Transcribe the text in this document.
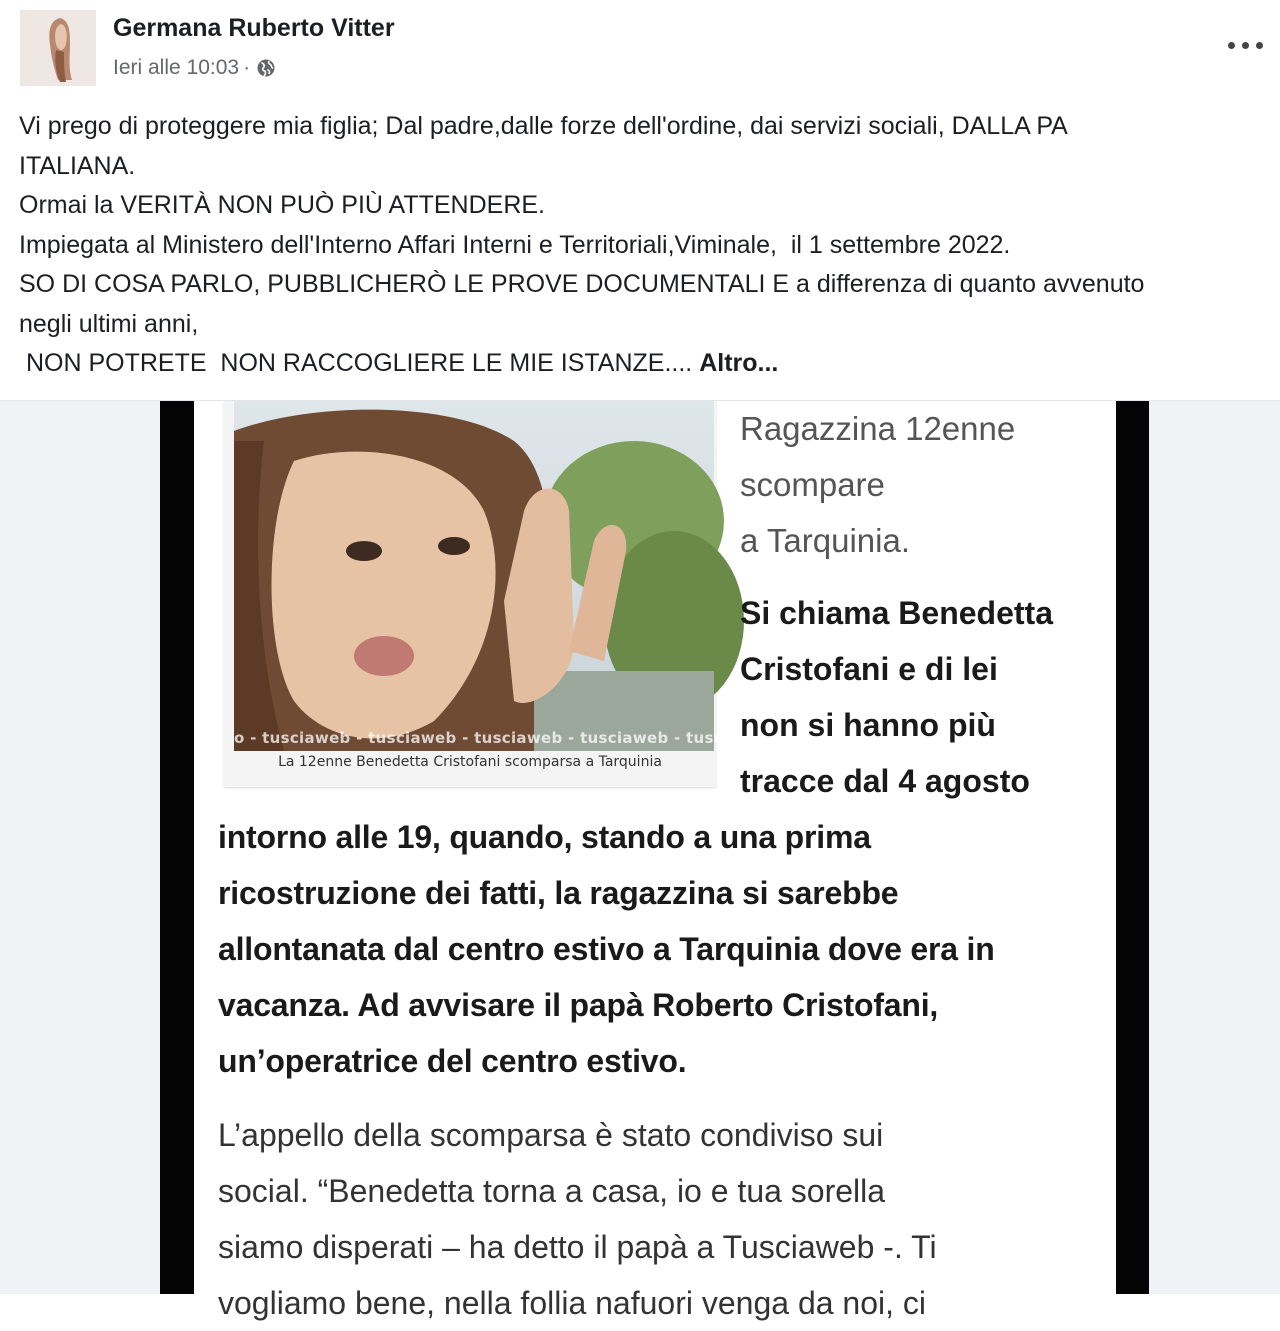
Germana Ruberto Vitter
Ieri alle 10:03 ·
Vi prego di proteggere mia figlia; Dal padre,dalle forze dell'ordine, dai servizi sociali, DALLA PA
ITALIANA.
Ormai la VERITÀ NON PUÒ PIÙ ATTENDERE.
Impiegata al Ministero dell'Interno Affari Interni e Territoriali,Viminale,  il 1 settembre 2022.
SO DI COSA PARLO, PUBBLICHERÒ LE PROVE DOCUMENTALI E a differenza di quanto avvenuto
negli ultimi anni,
NON POTRETE  NON RACCOGLIERE LE MIE ISTANZE.... Altro...
o - tusciaweb - tusciaweb - tusciaweb - tusciaweb - tusc
La 12enne Benedetta Cristofani scomparsa a Tarquinia
Ragazzina 12enne
scompare
a Tarquinia.
Si chiama Benedetta
Cristofani e di lei
non si hanno più
tracce dal 4 agosto
intorno alle 19, quando, stando a una prima
ricostruzione dei fatti, la ragazzina si sarebbe
allontanata dal centro estivo a Tarquinia dove era in
vacanza. Ad avvisare il papà Roberto Cristofani,
un’operatrice del centro estivo.
L’appello della scomparsa è stato condiviso sui
social. “Benedetta torna a casa, io e tua sorella
siamo disperati – ha detto il papà a Tusciaweb -. Ti
vogliamo bene, nella follia nafuori venga da noi, ci
